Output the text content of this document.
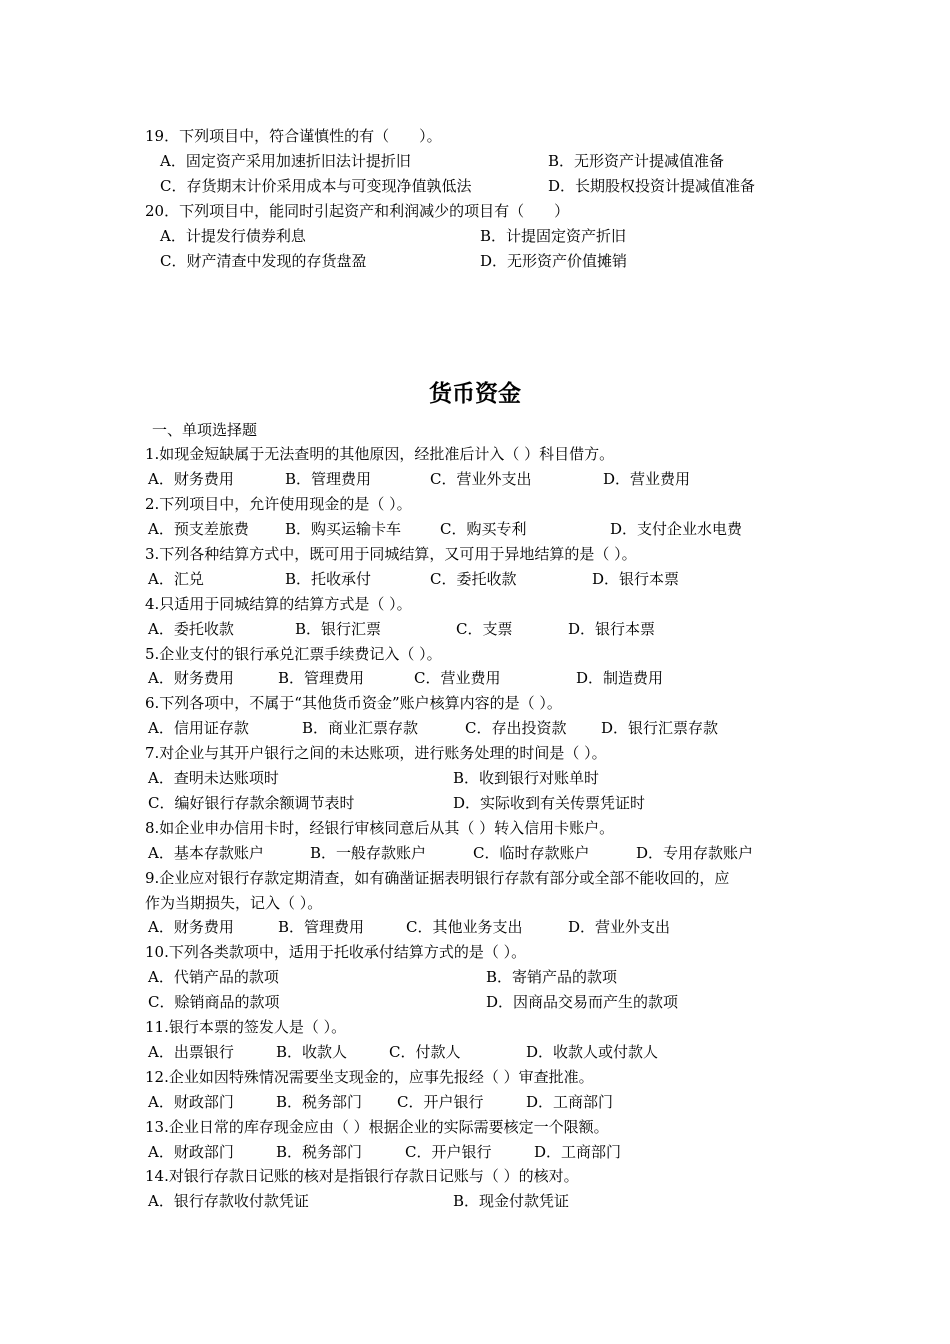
19．下列项目中，符合谨慎性的有（　　）。
A．固定资产采用加速折旧法计提折旧	B．无形资产计提减值准备
C．存货期末计价采用成本与可变现净值孰低法	D．长期股权投资计提减值准备
20．下列项目中，能同时引起资产和利润减少的项目有（　　）
A．计提发行债券利息	B．计提固定资产折旧
C．财产清查中发现的存货盘盈	D．无形资产价值摊销
货币资金
一、单项选择题
1.如现金短缺属于无法查明的其他原因，经批准后计入（ ）科目借方。
A．财务费用	B．管理费用	C．营业外支出	D．营业费用
2.下列项目中，允许使用现金的是（ ）。
A．预支差旅费 B．购买运输卡车	C．购买专利	D．支付企业水电费
3.下列各种结算方式中，既可用于同城结算，又可用于异地结算的是（ ）。
A．汇兑	B．托收承付	C．委托收款	D．银行本票
4.只适用于同城结算的结算方式是（ ）。
A．委托收款	B．银行汇票	C．支票	D．银行本票
5.企业支付的银行承兑汇票手续费记入（ ）。
A．财务费用	B．管理费用	C．营业费用	D．制造费用
6.下列各项中，不属于“其他货币资金”账户核算内容的是（ ）。
A．信用证存款	B．商业汇票存款	C．存出投资款 D．银行汇票存款
7.对企业与其开户银行之间的未达账项，进行账务处理的时间是（ ）。
A．查明未达账项时	B．收到银行对账单时
C．编好银行存款余额调节表时	D．实际收到有关传票凭证时
8.如企业申办信用卡时，经银行审核同意后从其（ ）转入信用卡账户。
A．基本存款账户	B．一般存款账户	C．临时存款账户	D．专用存款账户
9.企业应对银行存款定期清查，如有确凿证据表明银行存款有部分或全部不能收回的，应
作为当期损失，记入（ ）。
A．财务费用	B．管理费用	C．其他业务支出	D．营业外支出
10.下列各类款项中，适用于托收承付结算方式的是（ ）。
A．代销产品的款项	B．寄销产品的款项
C．赊销商品的款项	D．因商品交易而产生的款项
11.银行本票的签发人是（ ）。
A．出票银行	B．收款人	C．付款人	D．收款人或付款人
12.企业如因特殊情况需要坐支现金的，应事先报经（ ）审查批准。
A．财政部门	B．税务部门 C．开户银行	D．工商部门
13.企业日常的库存现金应由（ ）根据企业的实际需要核定一个限额。
A．财政部门	B．税务部门	C．开户银行	D．工商部门
14.对银行存款日记账的核对是指银行存款日记账与（ ）的核对。
A．银行存款收付款凭证	B．现金付款凭证
